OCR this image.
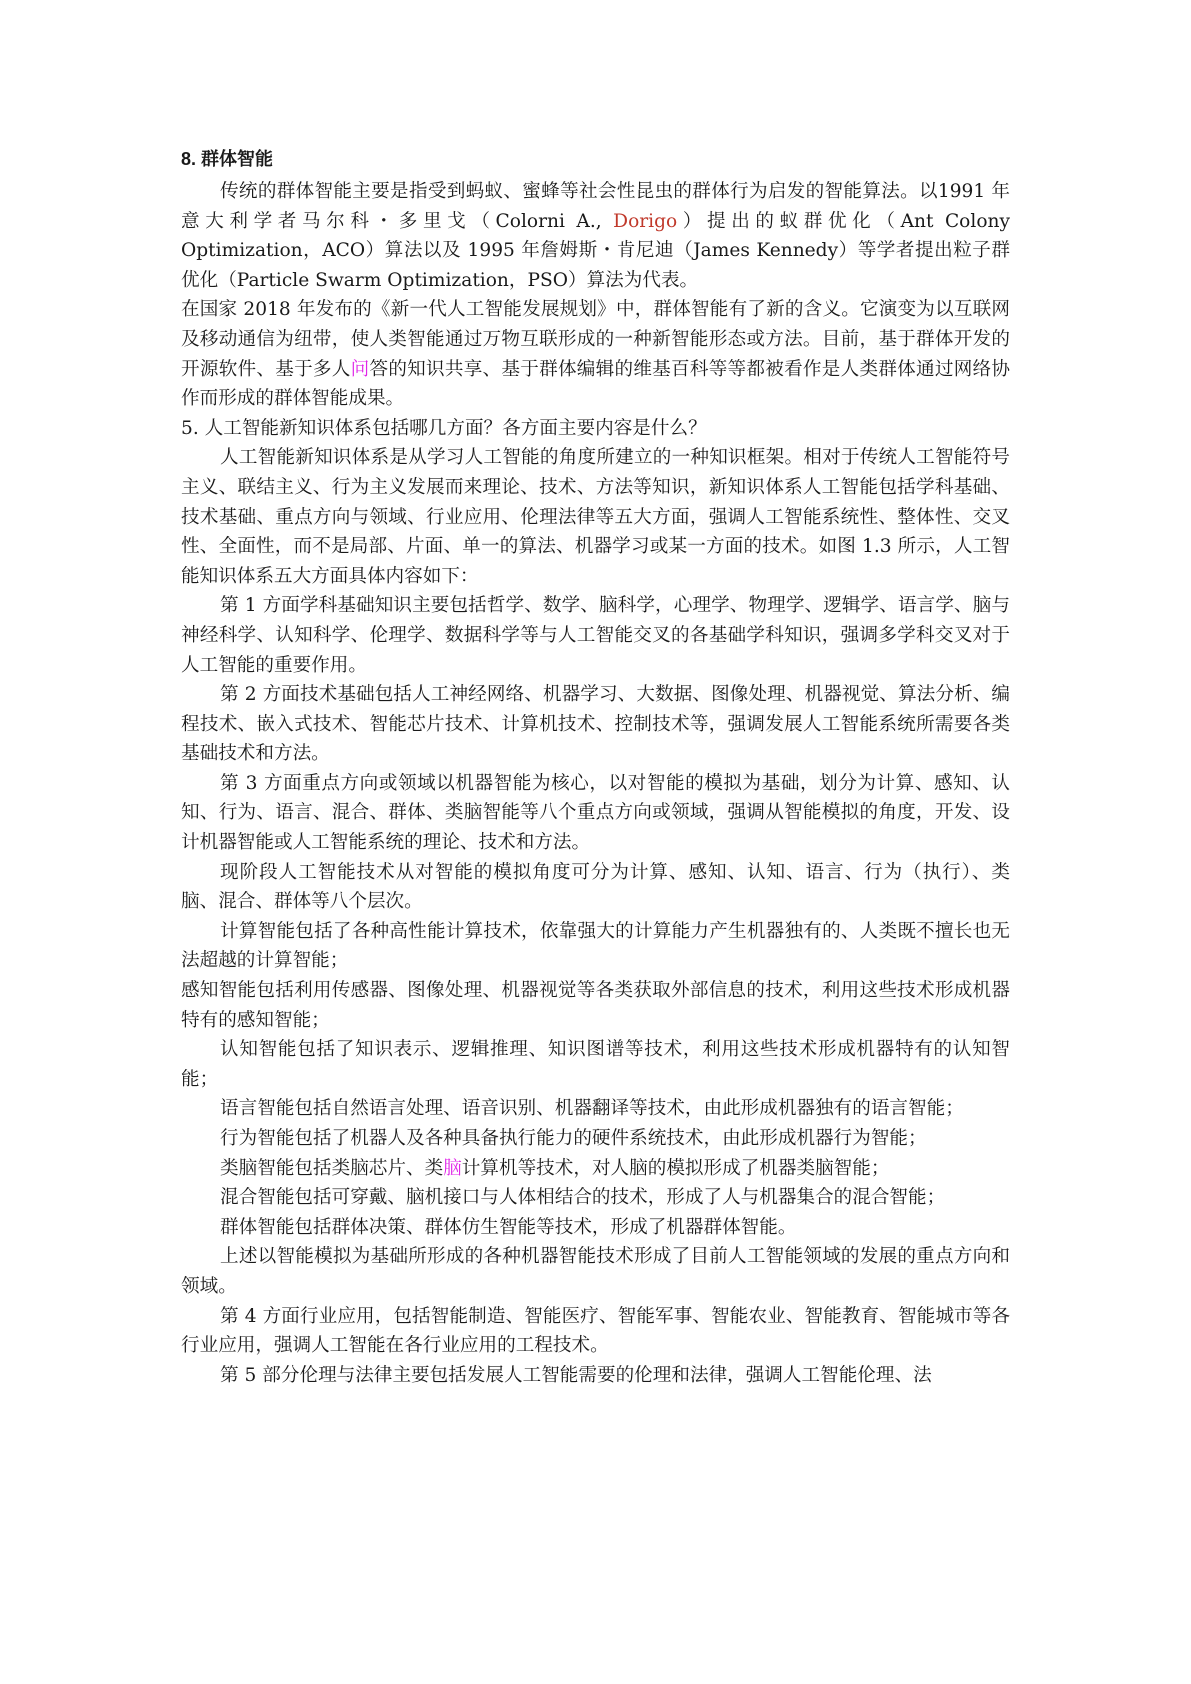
8. 群体智能

传统的群体智能主要是指受到蚂蚁、蜜蜂等社会性昆虫的群体行为启发的智能算法。以1991 年意大利学者马尔科・多里戈（Colorni A., Dorigo）提出的蚁群优化（Ant Colony Optimization，ACO）算法以及 1995 年詹姆斯・肯尼迪（James Kennedy）等学者提出粒子群优化（Particle Swarm Optimization，PSO）算法为代表。

在国家 2018 年发布的《新一代人工智能发展规划》中，群体智能有了新的含义。它演变为以互联网及移动通信为纽带，使人类智能通过万物互联形成的一种新智能形态或方法。目前，基于群体开发的开源软件、基于多人问答的知识共享、基于群体编辑的维基百科等等都被看作是人类群体通过网络协作而形成的群体智能成果。

5. 人工智能新知识体系包括哪几方面？各方面主要内容是什么？

人工智能新知识体系是从学习人工智能的角度所建立的一种知识框架。相对于传统人工智能符号主义、联结主义、行为主义发展而来理论、技术、方法等知识，新知识体系人工智能包括学科基础、技术基础、重点方向与领域、行业应用、伦理法律等五大方面，强调人工智能系统性、整体性、交叉性、全面性，而不是局部、片面、单一的算法、机器学习或某一方面的技术。如图 1.3 所示，人工智能知识体系五大方面具体内容如下：

第 1 方面学科基础知识主要包括哲学、数学、脑科学，心理学、物理学、逻辑学、语言学、脑与神经科学、认知科学、伦理学、数据科学等与人工智能交叉的各基础学科知识，强调多学科交叉对于人工智能的重要作用。

第 2 方面技术基础包括人工神经网络、机器学习、大数据、图像处理、机器视觉、算法分析、编程技术、嵌入式技术、智能芯片技术、计算机技术、控制技术等，强调发展人工智能系统所需要各类基础技术和方法。

第 3 方面重点方向或领域以机器智能为核心，以对智能的模拟为基础，划分为计算、感知、认知、行为、语言、混合、群体、类脑智能等八个重点方向或领域，强调从智能模拟的角度，开发、设计机器智能或人工智能系统的理论、技术和方法。

现阶段人工智能技术从对智能的模拟角度可分为计算、感知、认知、语言、行为（执行）、类脑、混合、群体等八个层次。

计算智能包括了各种高性能计算技术，依靠强大的计算能力产生机器独有的、人类既不擅长也无法超越的计算智能；

感知智能包括利用传感器、图像处理、机器视觉等各类获取外部信息的技术，利用这些技术形成机器特有的感知智能；

认知智能包括了知识表示、逻辑推理、知识图谱等技术，利用这些技术形成机器特有的认知智能；

语言智能包括自然语言处理、语音识别、机器翻译等技术，由此形成机器独有的语言智能；

行为智能包括了机器人及各种具备执行能力的硬件系统技术，由此形成机器行为智能；

类脑智能包括类脑芯片、类脑计算机等技术，对人脑的模拟形成了机器类脑智能；

混合智能包括可穿戴、脑机接口与人体相结合的技术，形成了人与机器集合的混合智能；

群体智能包括群体决策、群体仿生智能等技术，形成了机器群体智能。

上述以智能模拟为基础所形成的各种机器智能技术形成了目前人工智能领域的发展的重点方向和领域。

第 4 方面行业应用，包括智能制造、智能医疗、智能军事、智能农业、智能教育、智能城市等各行业应用，强调人工智能在各行业应用的工程技术。

第 5 部分伦理与法律主要包括发展人工智能需要的伦理和法律，强调人工智能伦理、法
